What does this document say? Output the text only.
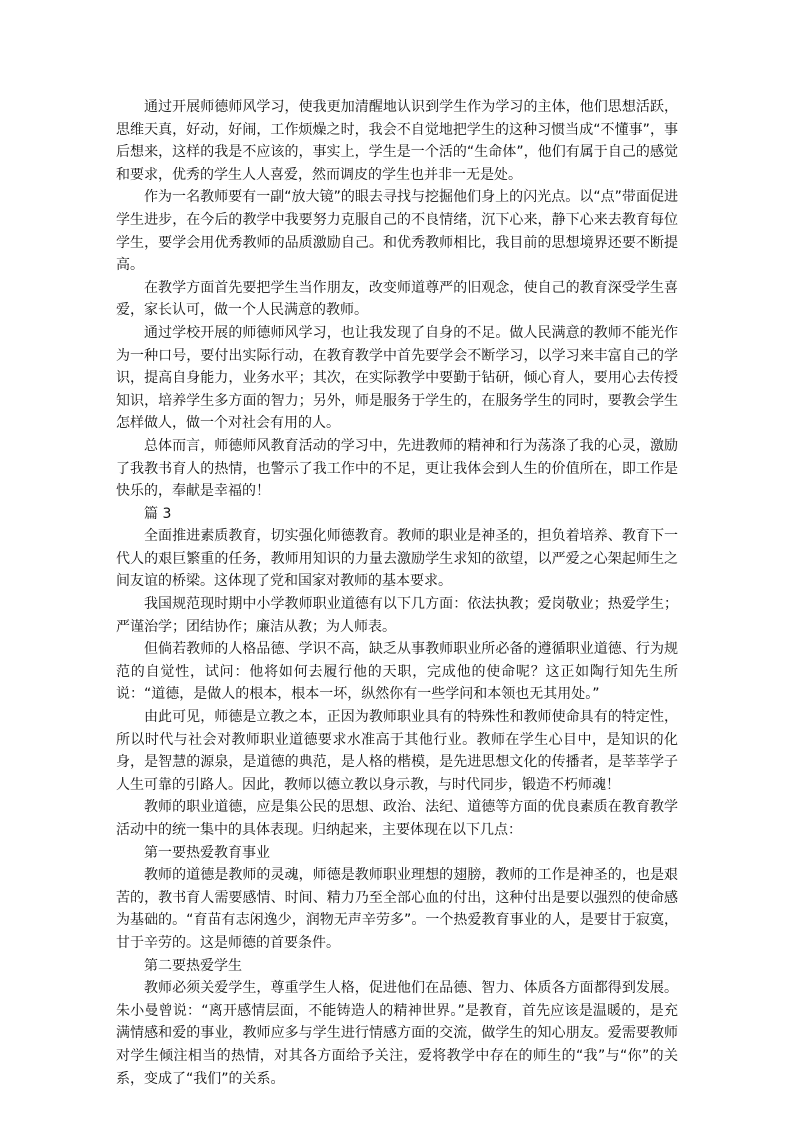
通过开展师德师风学习，使我更加清醒地认识到学生作为学习的主体，他们思想活跃，思维天真，好动，好闹，工作烦燥之时，我会不自觉地把学生的这种习惯当成“不懂事”，事后想来，这样的我是不应该的，事实上，学生是一个活的“生命体”，他们有属于自己的感觉和要求，优秀的学生人人喜爱，然而调皮的学生也并非一无是处。

作为一名教师要有一副“放大镜”的眼去寻找与挖掘他们身上的闪光点。以“点”带面促进学生进步，在今后的教学中我要努力克服自己的不良情绪，沉下心来，静下心来去教育每位学生，要学会用优秀教师的品质激励自己。和优秀教师相比，我目前的思想境界还要不断提高。

在教学方面首先要把学生当作朋友，改变师道尊严的旧观念，使自己的教育深受学生喜爱，家长认可，做一个人民满意的教师。

通过学校开展的师德师风学习，也让我发现了自身的不足。做人民满意的教师不能光作为一种口号，要付出实际行动，在教育教学中首先要学会不断学习，以学习来丰富自己的学识，提高自身能力，业务水平；其次，在实际教学中要勤于钻研，倾心育人，要用心去传授知识，培养学生多方面的智力；另外，师是服务于学生的，在服务学生的同时，要教会学生怎样做人，做一个对社会有用的人。

总体而言，师德师风教育活动的学习中，先进教师的精神和行为荡涤了我的心灵，激励了我教书育人的热情，也警示了我工作中的不足，更让我体会到人生的价值所在，即工作是快乐的，奉献是幸福的！

篇 3

全面推进素质教育，切实强化师德教育。教师的职业是神圣的，担负着培养、教育下一代人的艰巨繁重的任务，教师用知识的力量去激励学生求知的欲望，以严爱之心架起师生之间友谊的桥梁。这体现了党和国家对教师的基本要求。

我国规范现时期中小学教师职业道德有以下几方面：依法执教；爱岗敬业；热爱学生；严谨治学；团结协作；廉洁从教；为人师表。

但倘若教师的人格品德、学识不高，缺乏从事教师职业所必备的遵循职业道德、行为规范的自觉性，试问：他将如何去履行他的天职，完成他的使命呢？这正如陶行知先生所说：“道德，是做人的根本，根本一坏，纵然你有一些学问和本领也无其用处。”

由此可见，师德是立教之本，正因为教师职业具有的特殊性和教师使命具有的特定性，所以时代与社会对教师职业道德要求水准高于其他行业。教师在学生心目中，是知识的化身，是智慧的源泉，是道德的典范，是人格的楷模，是先进思想文化的传播者，是莘莘学子人生可靠的引路人。因此，教师以德立教以身示教，与时代同步，锻造不朽师魂！

教师的职业道德，应是集公民的思想、政治、法纪、道德等方面的优良素质在教育教学活动中的统一集中的具体表现。归纳起来，主要体现在以下几点：

第一要热爱教育事业

教师的道德是教师的灵魂，师德是教师职业理想的翅膀，教师的工作是神圣的，也是艰苦的，教书育人需要感情、时间、精力乃至全部心血的付出，这种付出是要以强烈的使命感为基础的。“育苗有志闲逸少，润物无声辛劳多”。一个热爱教育事业的人，是要甘于寂寞，甘于辛劳的。这是师德的首要条件。

第二要热爱学生

教师必须关爱学生，尊重学生人格，促进他们在品德、智力、体质各方面都得到发展。朱小曼曾说：“离开感情层面，不能铸造人的精神世界。”是教育，首先应该是温暖的，是充满情感和爱的事业，教师应多与学生进行情感方面的交流，做学生的知心朋友。爱需要教师对学生倾注相当的热情，对其各方面给予关注，爱将教学中存在的师生的“我”与“你”的关系，变成了“我们”的关系。
